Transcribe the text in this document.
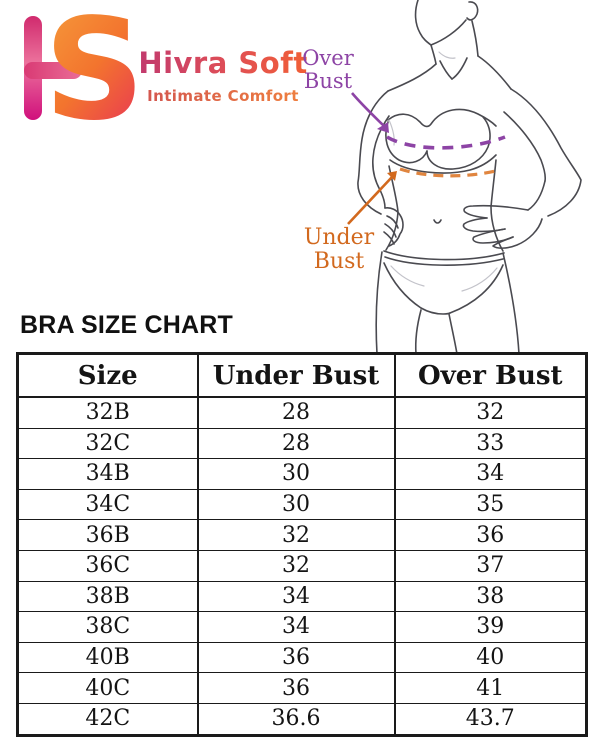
S
Hivra Soft
Intimate Comfort
Over Bust
Under Bust
BRA SIZE CHART
Size	Under Bust	Over Bust
32B	28	32
32C	28	33
34B	30	34
34C	30	35
36B	32	36
36C	32	37
38B	34	38
38C	34	39
40B	36	40
40C	36	41
42C	36.6	43.7
